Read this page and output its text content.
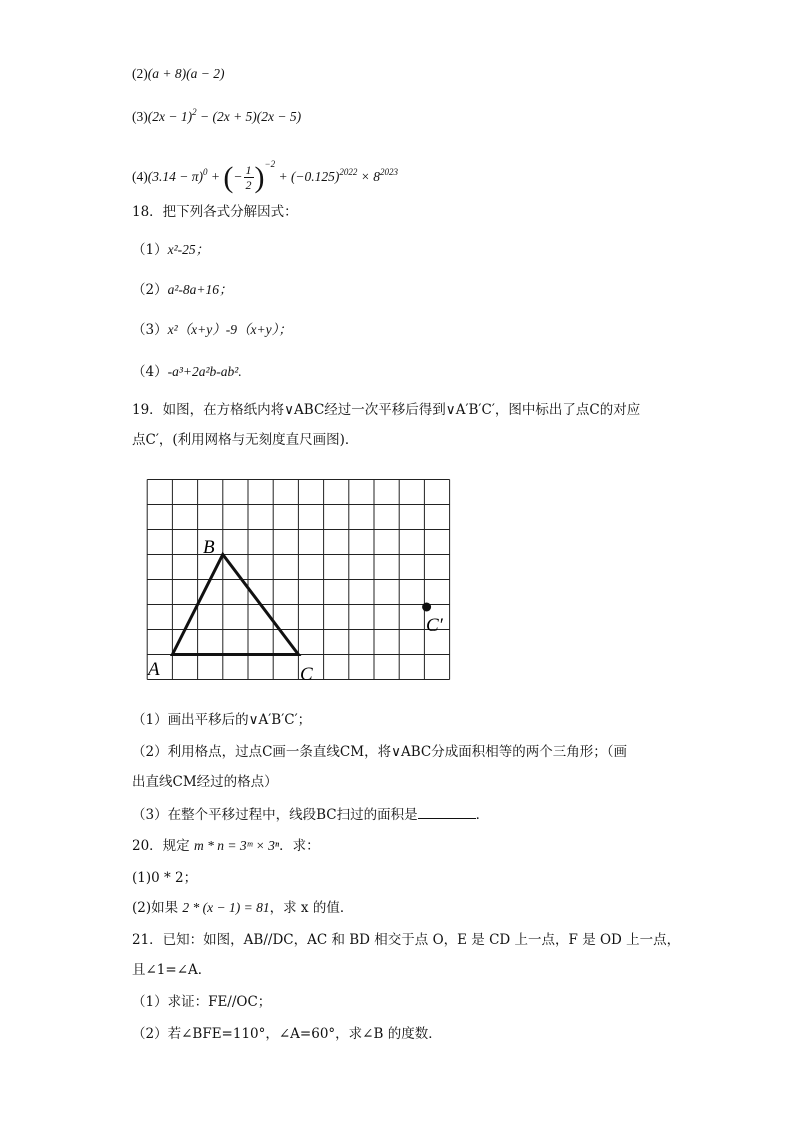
(2)(a + 8)(a − 2)
$(3)(2x - 1)^2 - (2x + 5)(2x - 5)$
$(4)(3.14 - \pi)^0$ + (− $\frac{1}{2} )^{-2} + (-0.125)^{2022} \times 8^{2023}$
18．把下列各式分解因式：
（1）x²-25；
（2）a²-8a+16；
（3）x²（x+y）-9（x+y）；
（4）-a³+2a²b-ab².
19．如图，在方格纸内将∨ABC经过一次平移后得到∨A′B′C′，图中标出了点C的对应
点C′，(利用网格与无刻度直尺画图)．
A
B
C
C′
（1）画出平移后的∨A′B′C′；
（2）利用格点，过点C画一条直线CM，将∨ABC分成面积相等的两个三角形；（画
出直线CM经过的格点）
（3）在整个平移过程中，线段BC扫过的面积是	．
20．规定 m * n = 3ᵐ × 3ⁿ．求：
(1)0 * 2；
(2)如果 2 * (x − 1) = 81，求 x 的值．
21．已知：如图，AB//DC，AC 和 BD 相交于点 O，E 是 CD 上一点，F 是 OD 上一点，
且∠1=∠A．
（1）求证：FE//OC；
（2）若∠BFE=110°，∠A=60°，求∠B 的度数．
